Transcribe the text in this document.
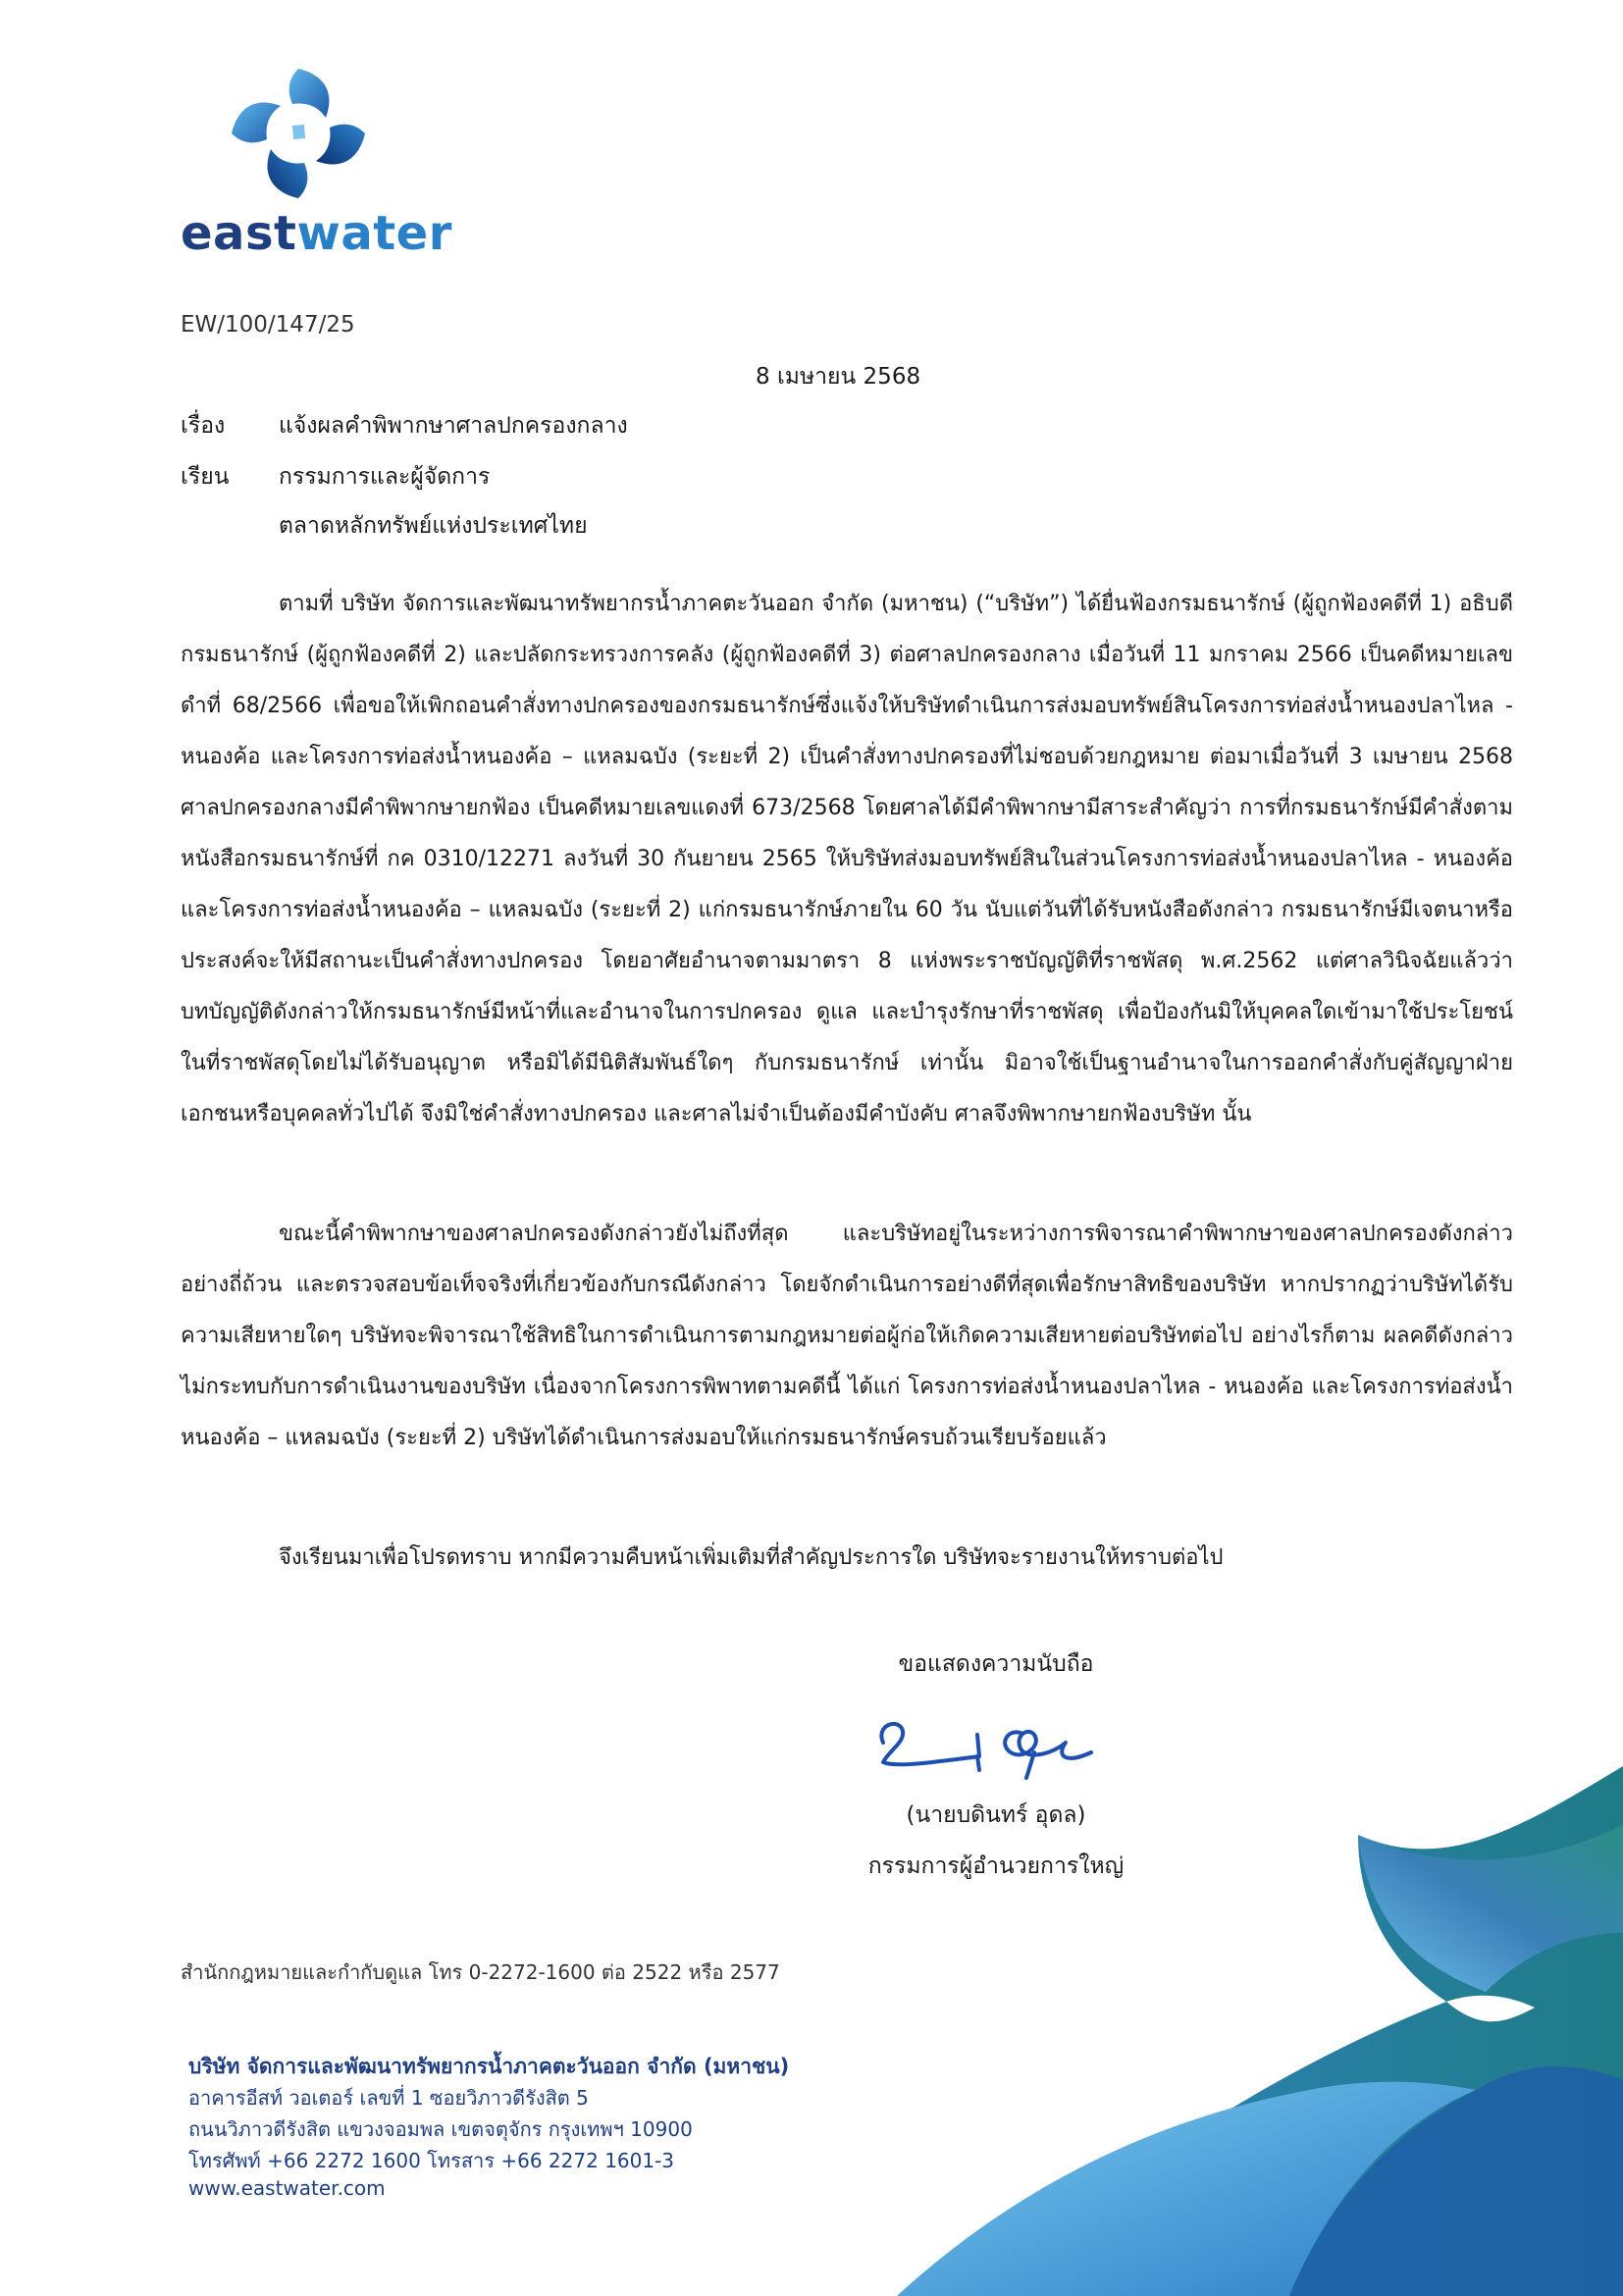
eastwater
EW/100/147/25
8 เมษายน 2568
เรื่อง แจ้งผลคำพิพากษาศาลปกครองกลาง
เรียน กรรมการและผู้จัดการ
ตลาดหลักทรัพย์แห่งประเทศไทย

ตามที่ บริษัท จัดการและพัฒนาทรัพยากรน้ำภาคตะวันออก จำกัด (มหาชน) (“บริษัท”) ได้ยื่นฟ้องกรมธนารักษ์ (ผู้ถูกฟ้องคดีที่ 1) อธิบดีกรมธนารักษ์ (ผู้ถูกฟ้องคดีที่ 2) และปลัดกระทรวงการคลัง (ผู้ถูกฟ้องคดีที่ 3) ต่อศาลปกครองกลาง เมื่อวันที่ 11 มกราคม 2566 เป็นคดีหมายเลขดำที่ 68/2566 เพื่อขอให้เพิกถอนคำสั่งทางปกครองของกรมธนารักษ์ซึ่งแจ้งให้บริษัทดำเนินการส่งมอบทรัพย์สินโครงการท่อส่งน้ำหนองปลาไหล - หนองค้อ และโครงการท่อส่งน้ำหนองค้อ – แหลมฉบัง (ระยะที่ 2) เป็นคำสั่งทางปกครองที่ไม่ชอบด้วยกฎหมาย ต่อมาเมื่อวันที่ 3 เมษายน 2568 ศาลปกครองกลางมีคำพิพากษายกฟ้อง เป็นคดีหมายเลขแดงที่ 673/2568 โดยศาลได้มีคำพิพากษามีสาระสำคัญว่า การที่กรมธนารักษ์มีคำสั่งตามหนังสือกรมธนารักษ์ที่ กค 0310/12271 ลงวันที่ 30 กันยายน 2565 ให้บริษัทส่งมอบทรัพย์สินในส่วนโครงการท่อส่งน้ำหนองปลาไหล - หนองค้อ และโครงการท่อส่งน้ำหนองค้อ – แหลมฉบัง (ระยะที่ 2) แก่กรมธนารักษ์ภายใน 60 วัน นับแต่วันที่ได้รับหนังสือดังกล่าว กรมธนารักษ์มีเจตนาหรือประสงค์จะให้มีสถานะเป็นคำสั่งทางปกครอง โดยอาศัยอำนาจตามมาตรา 8 แห่งพระราชบัญญัติที่ราชพัสดุ พ.ศ.2562 แต่ศาลวินิจฉัยแล้วว่าบทบัญญัติดังกล่าวให้กรมธนารักษ์มีหน้าที่และอำนาจในการปกครอง ดูแล และบำรุงรักษาที่ราชพัสดุ เพื่อป้องกันมิให้บุคคลใดเข้ามาใช้ประโยชน์ในที่ราชพัสดุโดยไม่ได้รับอนุญาต หรือมิได้มีนิติสัมพันธ์ใดๆ กับกรมธนารักษ์ เท่านั้น มิอาจใช้เป็นฐานอำนาจในการออกคำสั่งกับคู่สัญญาฝ่ายเอกชนหรือบุคคลทั่วไปได้ จึงมิใช่คำสั่งทางปกครอง และศาลไม่จำเป็นต้องมีคำบังคับ ศาลจึงพิพากษายกฟ้องบริษัท นั้น

ขณะนี้คำพิพากษาของศาลปกครองดังกล่าวยังไม่ถึงที่สุด และบริษัทอยู่ในระหว่างการพิจารณาคำพิพากษาของศาลปกครองดังกล่าวอย่างถี่ถ้วน และตรวจสอบข้อเท็จจริงที่เกี่ยวข้องกับกรณีดังกล่าว โดยจักดำเนินการอย่างดีที่สุดเพื่อรักษาสิทธิของบริษัท หากปรากฏว่าบริษัทได้รับความเสียหายใดๆ บริษัทจะพิจารณาใช้สิทธิในการดำเนินการตามกฎหมายต่อผู้ก่อให้เกิดความเสียหายต่อบริษัทต่อไป อย่างไรก็ตาม ผลคดีดังกล่าวไม่กระทบกับการดำเนินงานของบริษัท เนื่องจากโครงการพิพาทตามคดีนี้ ได้แก่ โครงการท่อส่งน้ำหนองปลาไหล - หนองค้อ และโครงการท่อส่งน้ำหนองค้อ – แหลมฉบัง (ระยะที่ 2) บริษัทได้ดำเนินการส่งมอบให้แก่กรมธนารักษ์ครบถ้วนเรียบร้อยแล้ว

จึงเรียนมาเพื่อโปรดทราบ หากมีความคืบหน้าเพิ่มเติมที่สำคัญประการใด บริษัทจะรายงานให้ทราบต่อไป

ขอแสดงความนับถือ
(นายบดินทร์ อุดล)
กรรมการผู้อำนวยการใหญ่
สำนักกฎหมายและกำกับดูแล โทร 0-2272-1600 ต่อ 2522 หรือ 2577
บริษัท จัดการและพัฒนาทรัพยากรน้ำภาคตะวันออก จำกัด (มหาชน)
อาคารอีสท์ วอเตอร์ เลขที่ 1 ซอยวิภาวดีรังสิต 5
ถนนวิภาวดีรังสิต แขวงจอมพล เขตจตุจักร กรุงเทพฯ 10900
โทรศัพท์ +66 2272 1600 โทรสาร +66 2272 1601-3
www.eastwater.com
